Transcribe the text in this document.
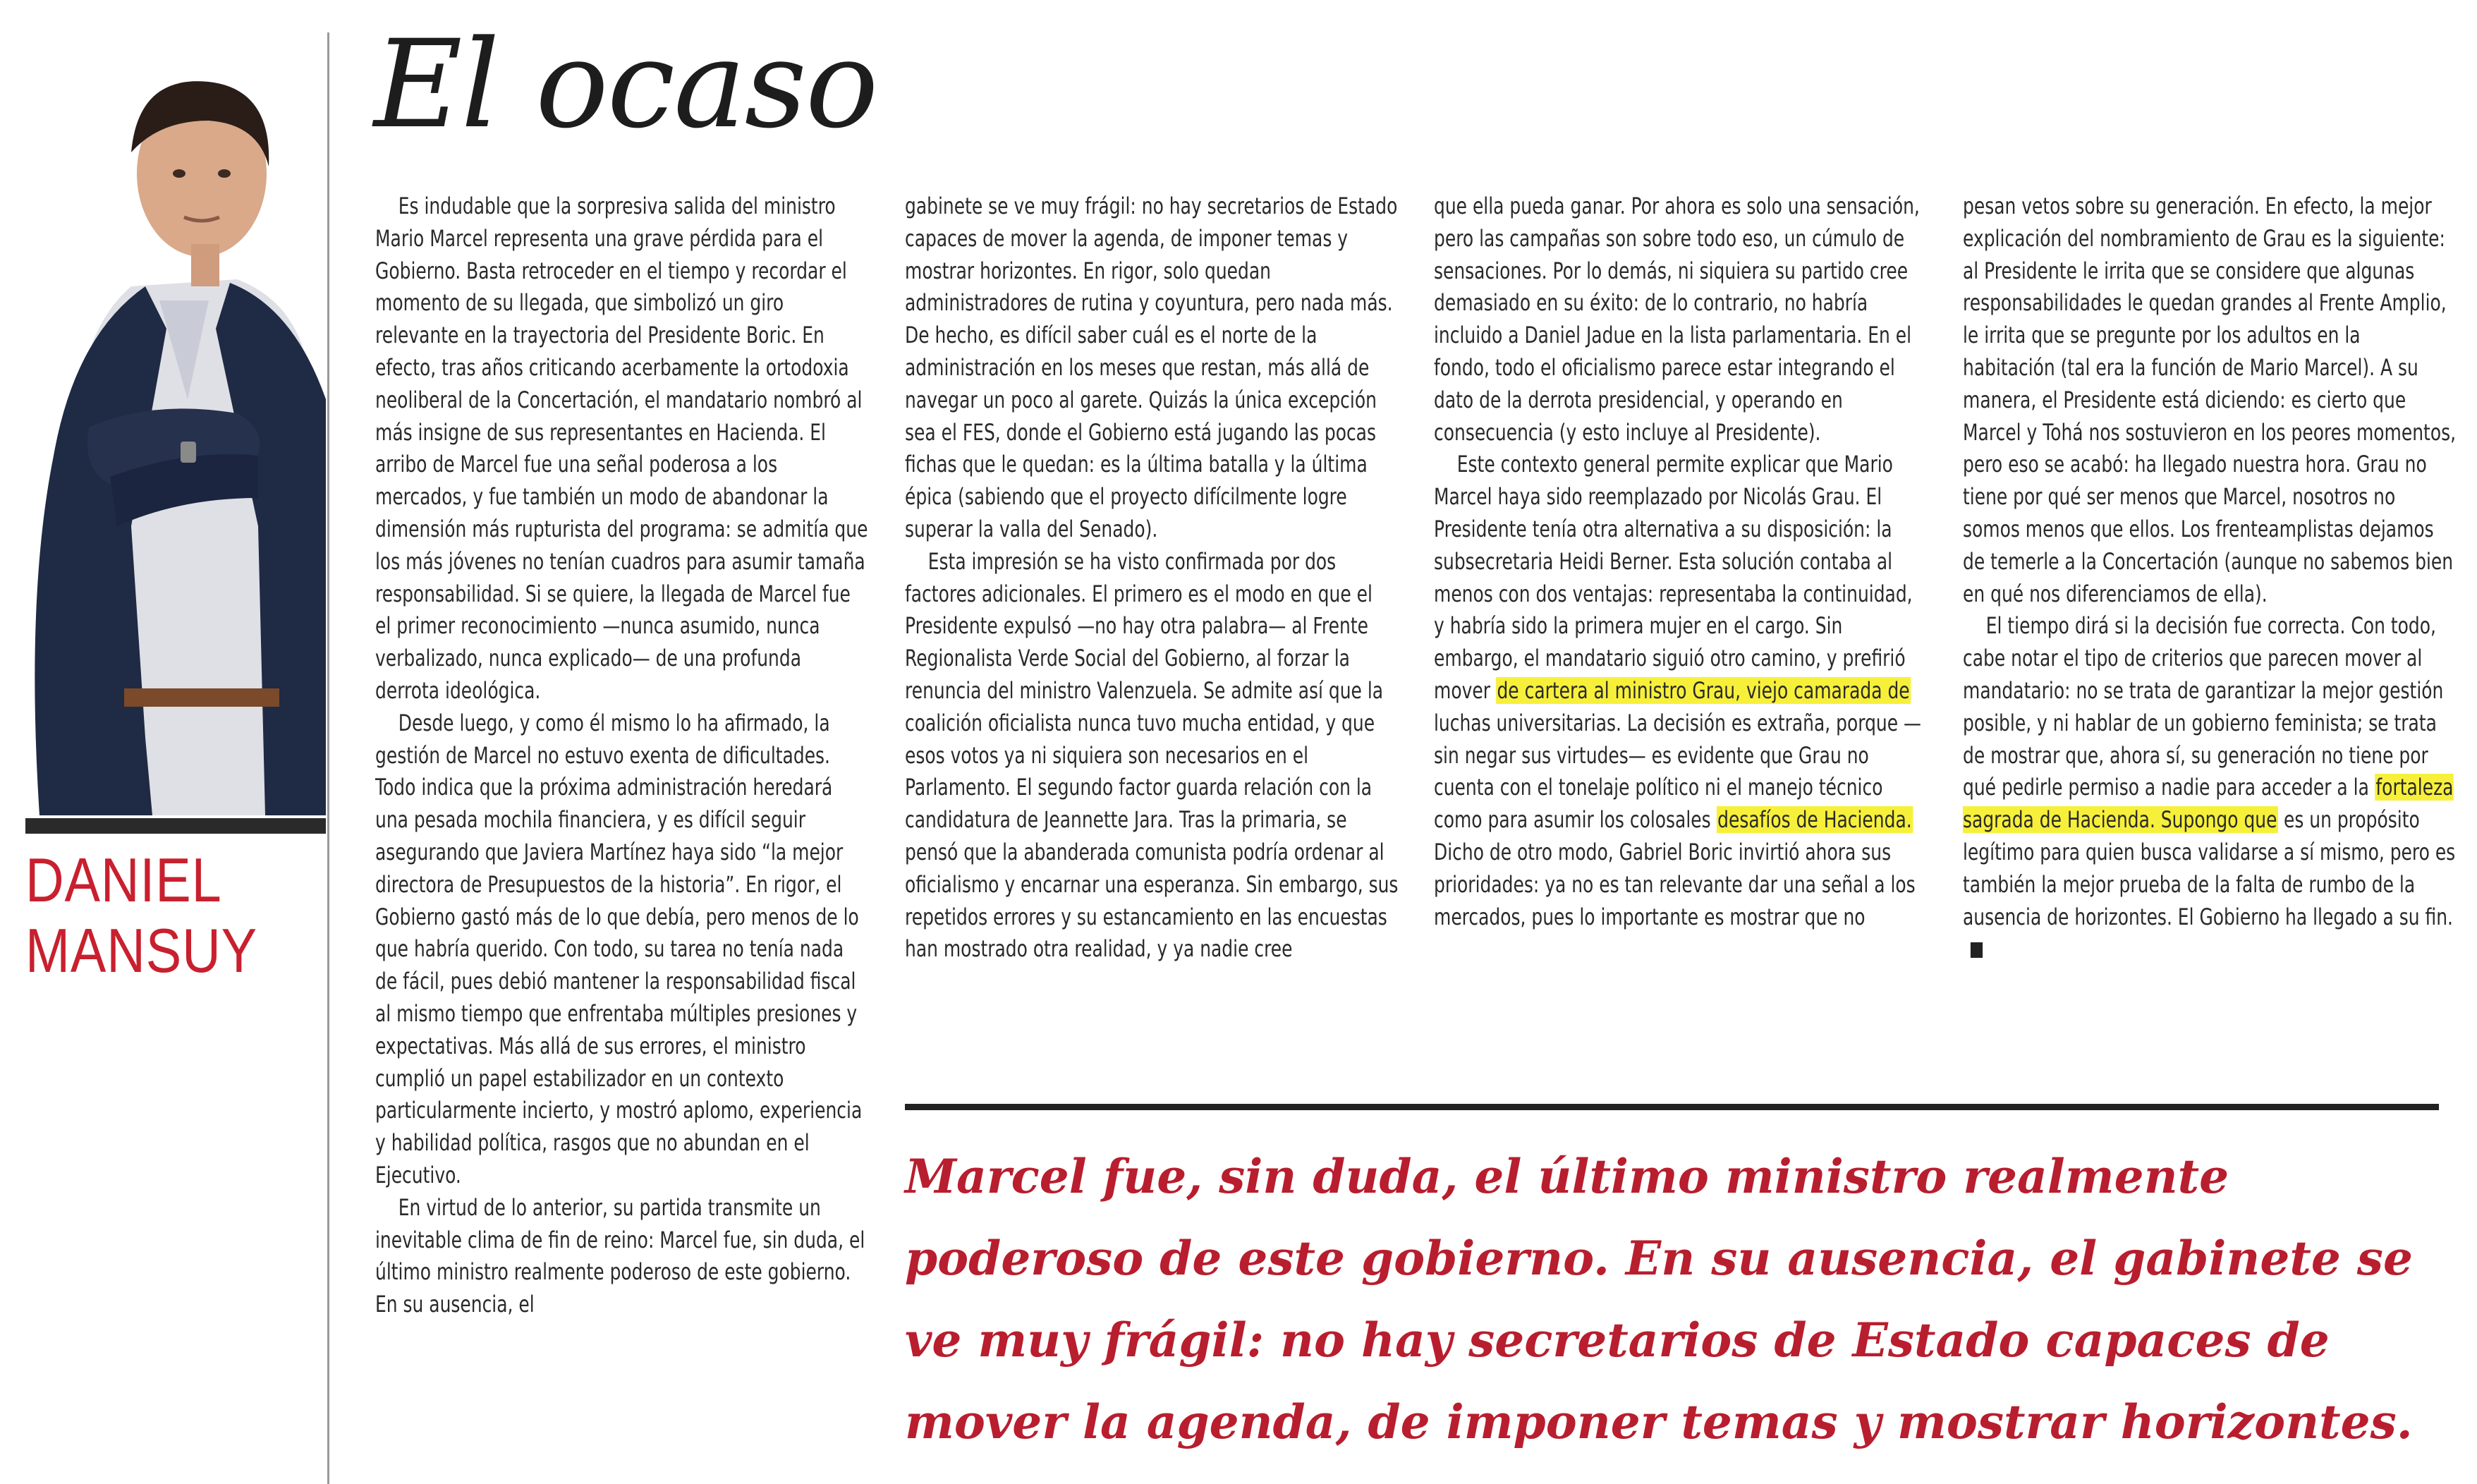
DANIEL
MANSUY
El ocaso

Es indudable que la sorpresiva salida del ministro Mario Marcel representa una grave pérdida para el Gobierno. Basta retroceder en el tiempo y recordar el momento de su llegada, que simbolizó un giro relevante en la trayectoria del Presidente Boric. En efecto, tras años criticando acerbamente la ortodoxia neoliberal de la Concertación, el mandatario nombró al más insigne de sus representantes en Hacienda. El arribo de Marcel fue una señal poderosa a los mercados, y fue también un modo de abandonar la dimensión más rupturista del programa: se admitía que los más jóvenes no tenían cuadros para asumir tamaña responsabilidad. Si se quiere, la llegada de Marcel fue el primer reconocimiento —nunca asumido, nunca verbalizado, nunca explicado— de una profunda derrota ideológica.

Desde luego, y como él mismo lo ha afirmado, la gestión de Marcel no estuvo exenta de dificultades. Todo indica que la próxima administración heredará una pesada mochila financiera, y es difícil seguir asegurando que Javiera Martínez haya sido “la mejor directora de Presupuestos de la historia”. En rigor, el Gobierno gastó más de lo que debía, pero menos de lo que habría querido. Con todo, su tarea no tenía nada de fácil, pues debió mantener la responsabilidad fiscal al mismo tiempo que enfrentaba múltiples presiones y expectativas. Más allá de sus errores, el ministro cumplió un papel estabilizador en un contexto particularmente incierto, y mostró aplomo, experiencia y habilidad política, rasgos que no abundan en el Ejecutivo.

En virtud de lo anterior, su partida transmite un inevitable clima de fin de reino: Marcel fue, sin duda, el último ministro realmente poderoso de este gobierno. En su ausencia, el

gabinete se ve muy frágil: no hay secretarios de Estado capaces de mover la agenda, de imponer temas y mostrar horizontes. En rigor, solo quedan administradores de rutina y coyuntura, pero nada más. De hecho, es difícil saber cuál es el norte de la administración en los meses que restan, más allá de navegar un poco al garete. Quizás la única excepción sea el FES, donde el Gobierno está jugando las pocas fichas que le quedan: es la última batalla y la última épica (sabiendo que el proyecto difícilmente logre superar la valla del Senado).

Esta impresión se ha visto confirmada por dos factores adicionales. El primero es el modo en que el Presidente expulsó —no hay otra palabra— al Frente Regionalista Verde Social del Gobierno, al forzar la renuncia del ministro Valenzuela. Se admite así que la coalición oficialista nunca tuvo mucha entidad, y que esos votos ya ni siquiera son necesarios en el Parlamento. El segundo factor guarda relación con la candidatura de Jeannette Jara. Tras la primaria, se pensó que la abanderada comunista podría ordenar al oficialismo y encarnar una esperanza. Sin embargo, sus repetidos errores y su estancamiento en las encuestas han mostrado otra realidad, y ya nadie cree

que ella pueda ganar. Por ahora es solo una sensación, pero las campañas son sobre todo eso, un cúmulo de sensaciones. Por lo demás, ni siquiera su partido cree demasiado en su éxito: de lo contrario, no habría incluido a Daniel Jadue en la lista parlamentaria. En el fondo, todo el oficialismo parece estar integrando el dato de la derrota presidencial, y operando en consecuencia (y esto incluye al Presidente).

Este contexto general permite explicar que Mario Marcel haya sido reemplazado por Nicolás Grau. El Presidente tenía otra alternativa a su disposición: la subsecretaria Heidi Berner. Esta solución contaba al menos con dos ventajas: representaba la continuidad, y habría sido la primera mujer en el cargo. Sin embargo, el mandatario siguió otro camino, y prefirió mover de cartera al ministro Grau, viejo camarada de luchas universitarias. La decisión es extraña, porque —sin negar sus virtudes— es evidente que Grau no cuenta con el tonelaje político ni el manejo técnico como para asumir los colosales desafíos de Hacienda. Dicho de otro modo, Gabriel Boric invirtió ahora sus prioridades: ya no es tan relevante dar una señal a los mercados, pues lo importante es mostrar que no

pesan vetos sobre su generación. En efecto, la mejor explicación del nombramiento de Grau es la siguiente: al Presidente le irrita que se considere que algunas responsabilidades le quedan grandes al Frente Amplio, le irrita que se pregunte por los adultos en la habitación (tal era la función de Mario Marcel). A su manera, el Presidente está diciendo: es cierto que Marcel y Tohá nos sostuvieron en los peores momentos, pero eso se acabó: ha llegado nuestra hora. Grau no tiene por qué ser menos que Marcel, nosotros no somos menos que ellos. Los frenteamplistas dejamos de temerle a la Concertación (aunque no sabemos bien en qué nos diferenciamos de ella).

El tiempo dirá si la decisión fue correcta. Con todo, cabe notar el tipo de criterios que parecen mover al mandatario: no se trata de garantizar la mejor gestión posible, y ni hablar de un gobierno feminista; se trata de mostrar que, ahora sí, su generación no tiene por qué pedirle permiso a nadie para acceder a la fortaleza sagrada de Hacienda. Supongo que es un propósito legítimo para quien busca validarse a sí mismo, pero es también la mejor prueba de la falta de rumbo de la ausencia de horizontes. El Gobierno ha llegado a su fin.

Marcel fue, sin duda, el último ministro realmente poderoso de este gobierno. En su ausencia, el gabinete se ve muy frágil: no hay secretarios de Estado capaces de mover la agenda, de imponer temas y mostrar horizontes.
